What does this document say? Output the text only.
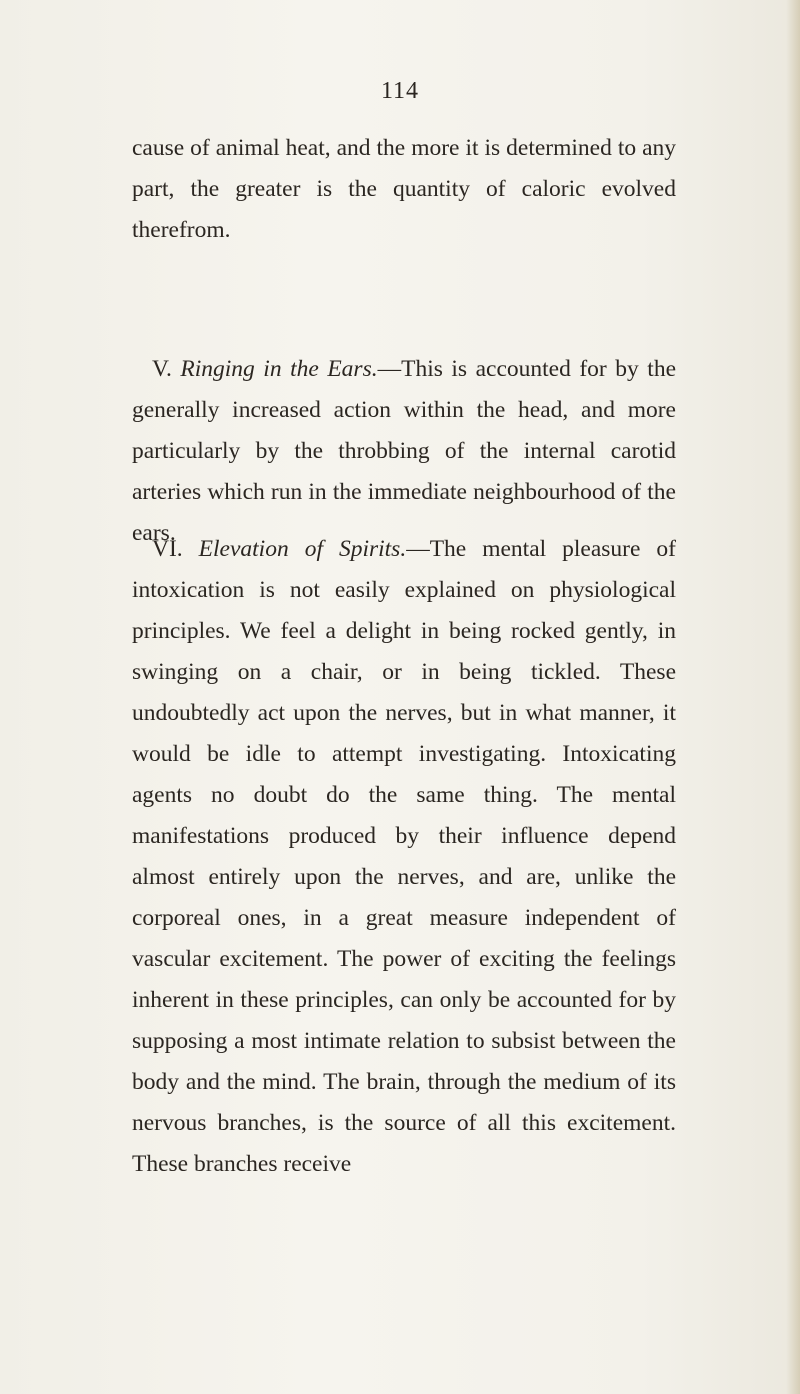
114
cause of animal heat, and the more it is determined to any part, the greater is the quantity of caloric evolved therefrom.
V. Ringing in the Ears.—This is accounted for by the generally increased action within the head, and more particularly by the throbbing of the internal carotid arteries which run in the immediate neighbourhood of the ears.
VI. Elevation of Spirits.—The mental pleasure of intoxication is not easily explained on physiological principles. We feel a delight in being rocked gently, in swinging on a chair, or in being tickled. These undoubtedly act upon the nerves, but in what manner, it would be idle to attempt investigating. Intoxicating agents no doubt do the same thing. The mental manifestations produced by their influence depend almost entirely upon the nerves, and are, unlike the corporeal ones, in a great measure independent of vascular excitement. The power of exciting the feelings inherent in these principles, can only be accounted for by supposing a most intimate relation to subsist between the body and the mind. The brain, through the medium of its nervous branches, is the source of all this excitement. These branches receive
